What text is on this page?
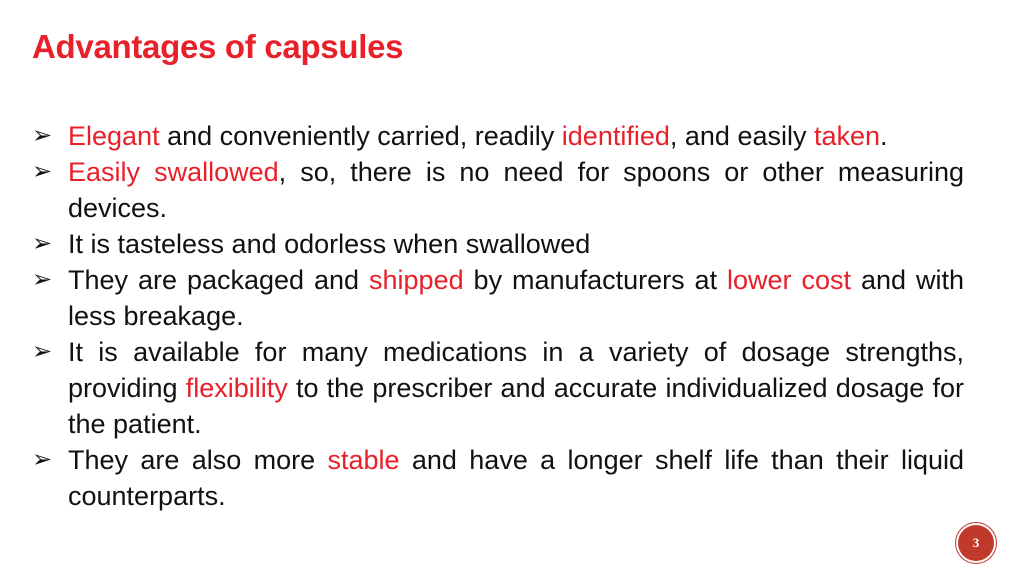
Advantages of capsules
➢ Elegant and conveniently carried, readily identified, and easily taken.
➢ Easily swallowed, so, there is no need for spoons or other measuring devices.
➢ It is tasteless and odorless when swallowed
➢ They are packaged and shipped by manufacturers at lower cost and with less breakage.
➢ It is available for many medications in a variety of dosage strengths, providing flexibility to the prescriber and accurate individualized dosage for the patient.
➢ They are also more stable and have a longer shelf life than their liquid counterparts.
3
